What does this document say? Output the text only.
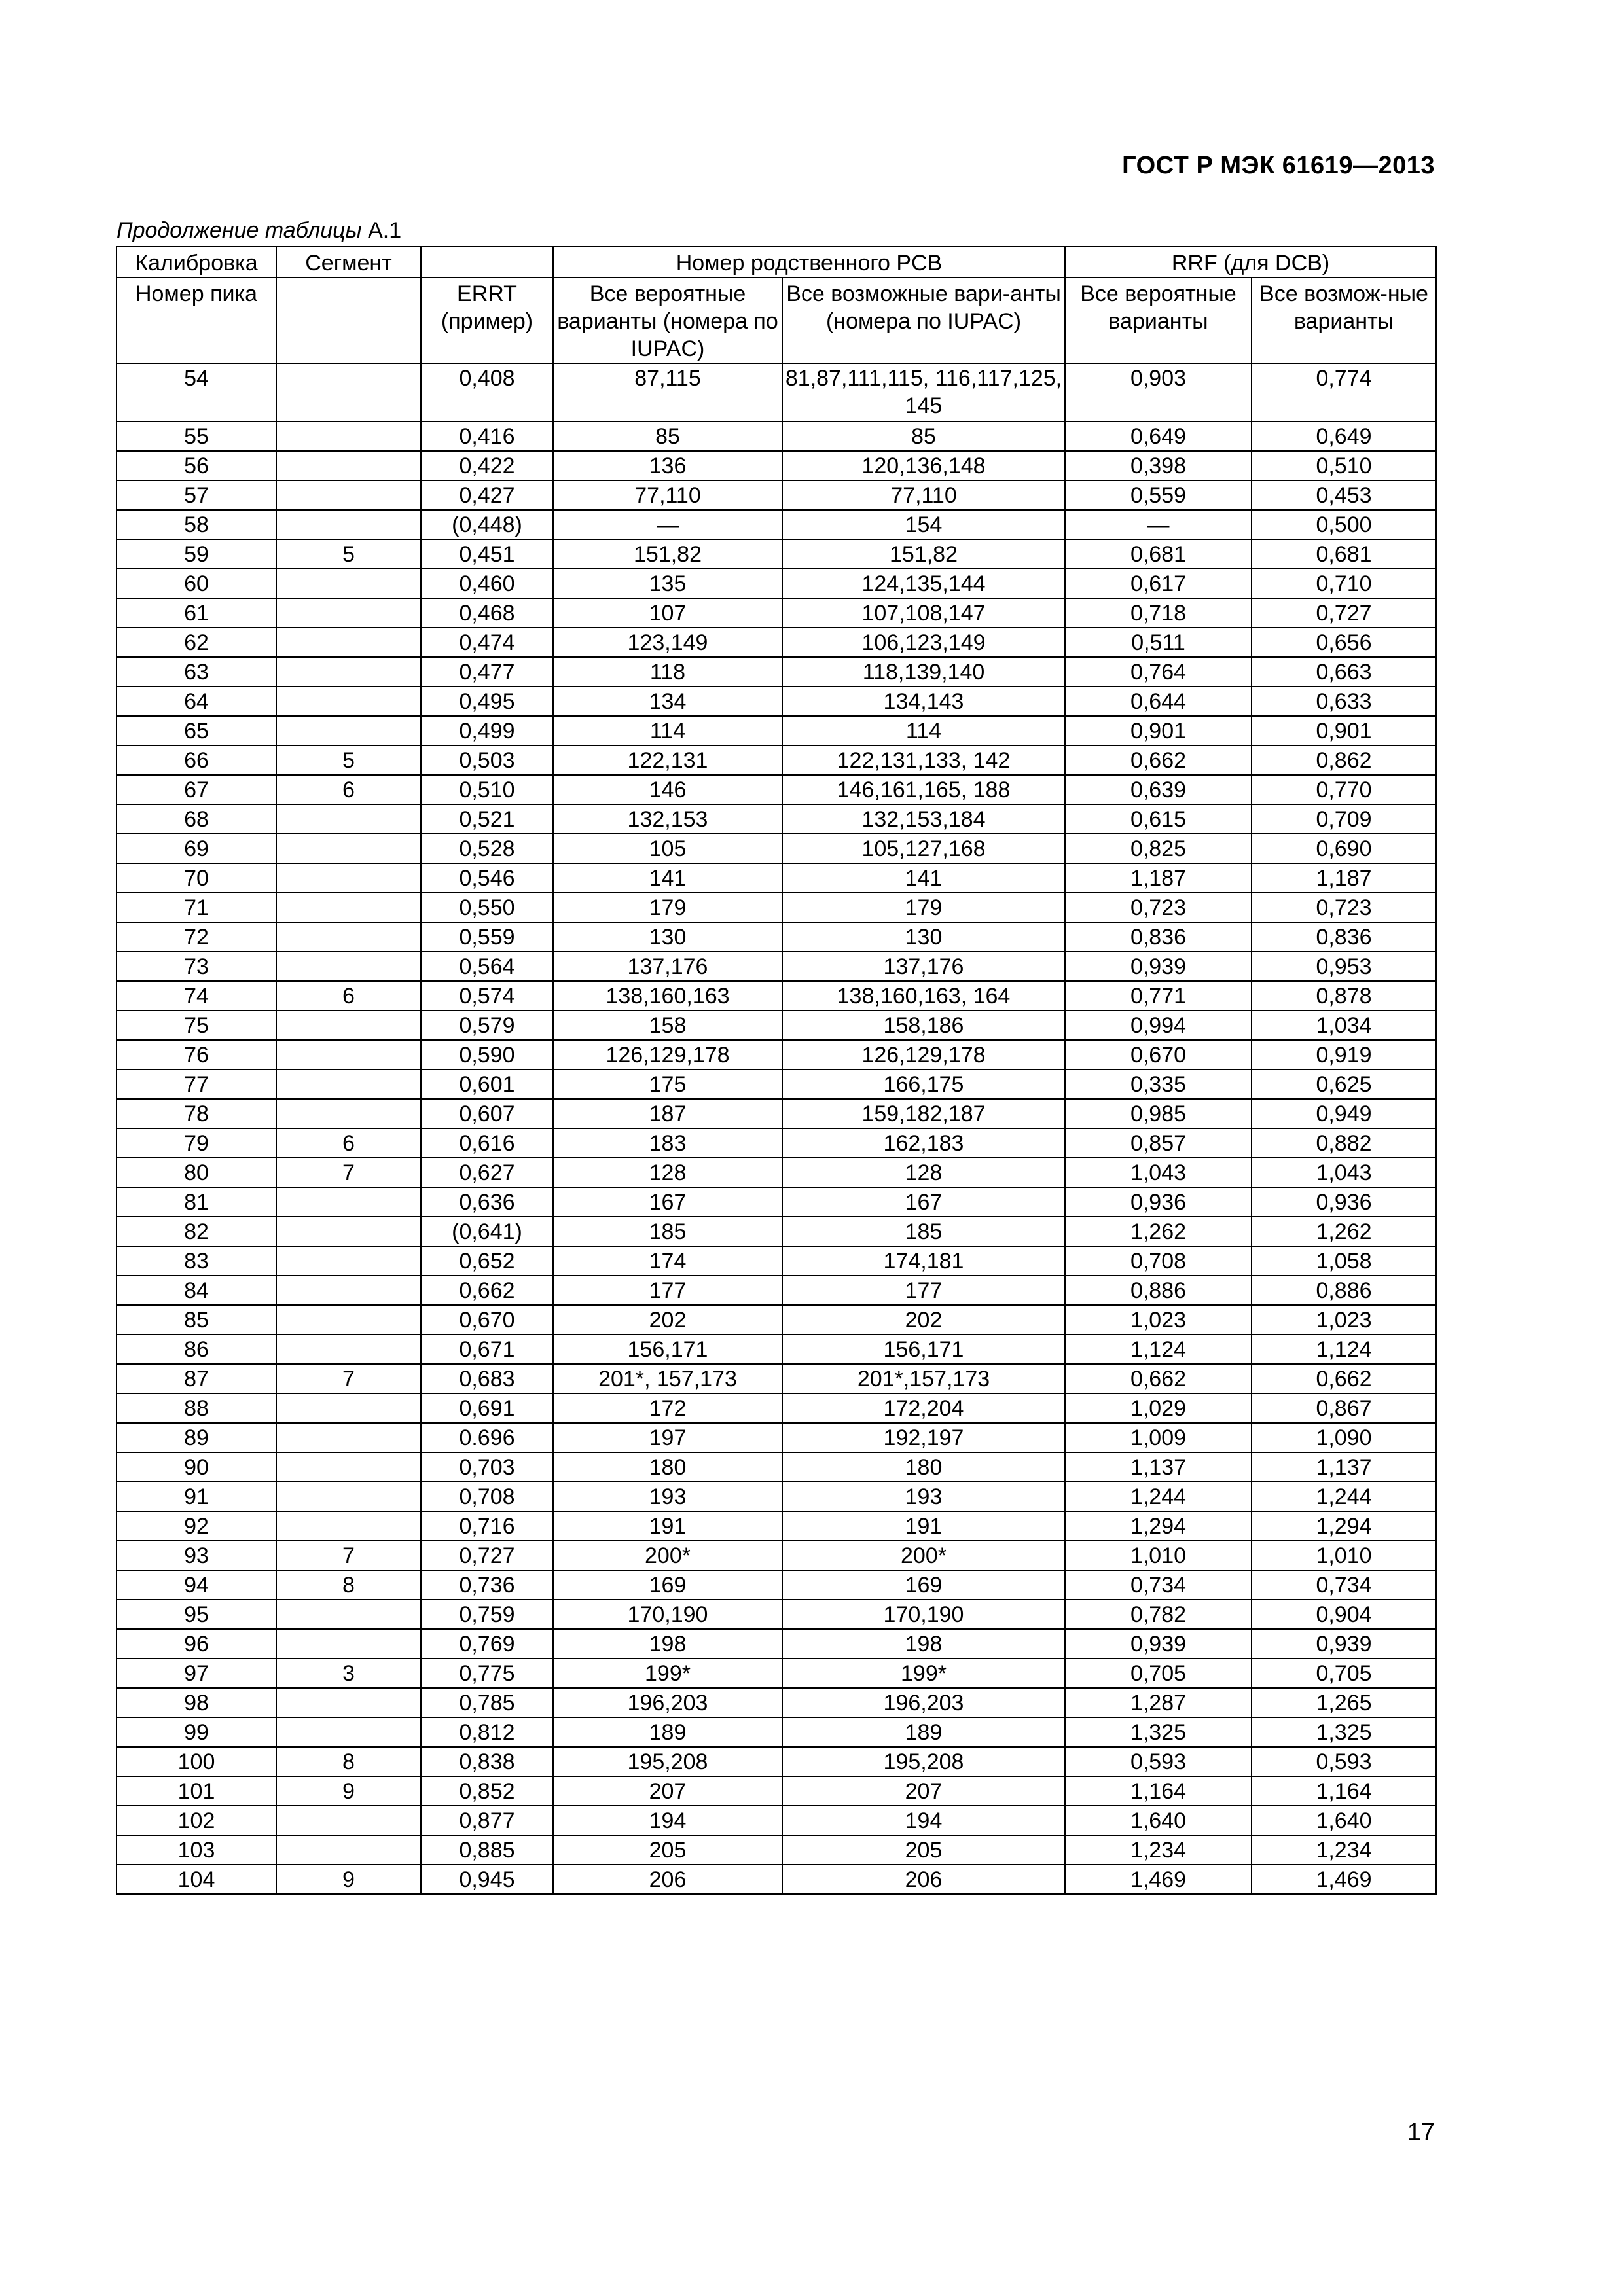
ГОСТ Р МЭК 61619—2013
Продолжение таблицы А.1
Калибровка	Сегмент		Номер родственного PCB		RRF (для DCB)	
Номер пика		ERRT (пример)	Все вероятные варианты (номера по IUPAC)	Все возможные вари-анты (номера по IUPAC)	Все вероятные варианты	Все возмож-ные варианты
54		0,408	87,115	81,87,111,115, 116,117,125, 145	0,903	0,774
55		0,416	85	85	0,649	0,649
56		0,422	136	120,136,148	0,398	0,510
57		0,427	77,110	77,110	0,559	0,453
58		(0,448)	—	154	—	0,500
59	5	0,451	151,82	151,82	0,681	0,681
60		0,460	135	124,135,144	0,617	0,710
61		0,468	107	107,108,147	0,718	0,727
62		0,474	123,149	106,123,149	0,511	0,656
63		0,477	118	118,139,140	0,764	0,663
64		0,495	134	134,143	0,644	0,633
65		0,499	114	114	0,901	0,901
66	5	0,503	122,131	122,131,133, 142	0,662	0,862
67	6	0,510	146	146,161,165, 188	0,639	0,770
68		0,521	132,153	132,153,184	0,615	0,709
69		0,528	105	105,127,168	0,825	0,690
70		0,546	141	141	1,187	1,187
71		0,550	179	179	0,723	0,723
72		0,559	130	130	0,836	0,836
73		0,564	137,176	137,176	0,939	0,953
74	6	0,574	138,160,163	138,160,163, 164	0,771	0,878
75		0,579	158	158,186	0,994	1,034
76		0,590	126,129,178	126,129,178	0,670	0,919
77		0,601	175	166,175	0,335	0,625
78		0,607	187	159,182,187	0,985	0,949
79	6	0,616	183	162,183	0,857	0,882
80	7	0,627	128	128	1,043	1,043
81		0,636	167	167	0,936	0,936
82		(0,641)	185	185	1,262	1,262
83		0,652	174	174,181	0,708	1,058
84		0,662	177	177	0,886	0,886
85		0,670	202	202	1,023	1,023
86		0,671	156,171	156,171	1,124	1,124
87	7	0,683	201*, 157,173	201*,157,173	0,662	0,662
88		0,691	172	172,204	1,029	0,867
89		0.696	197	192,197	1,009	1,090
90		0,703	180	180	1,137	1,137
91		0,708	193	193	1,244	1,244
92		0,716	191	191	1,294	1,294
93	7	0,727	200*	200*	1,010	1,010
94	8	0,736	169	169	0,734	0,734
95		0,759	170,190	170,190	0,782	0,904
96		0,769	198	198	0,939	0,939
97	3	0,775	199*	199*	0,705	0,705
98		0,785	196,203	196,203	1,287	1,265
99		0,812	189	189	1,325	1,325
100	8	0,838	195,208	195,208	0,593	0,593
101	9	0,852	207	207	1,164	1,164
102		0,877	194	194	1,640	1,640
103		0,885	205	205	1,234	1,234
104	9	0,945	206	206	1,469	1,469
17
